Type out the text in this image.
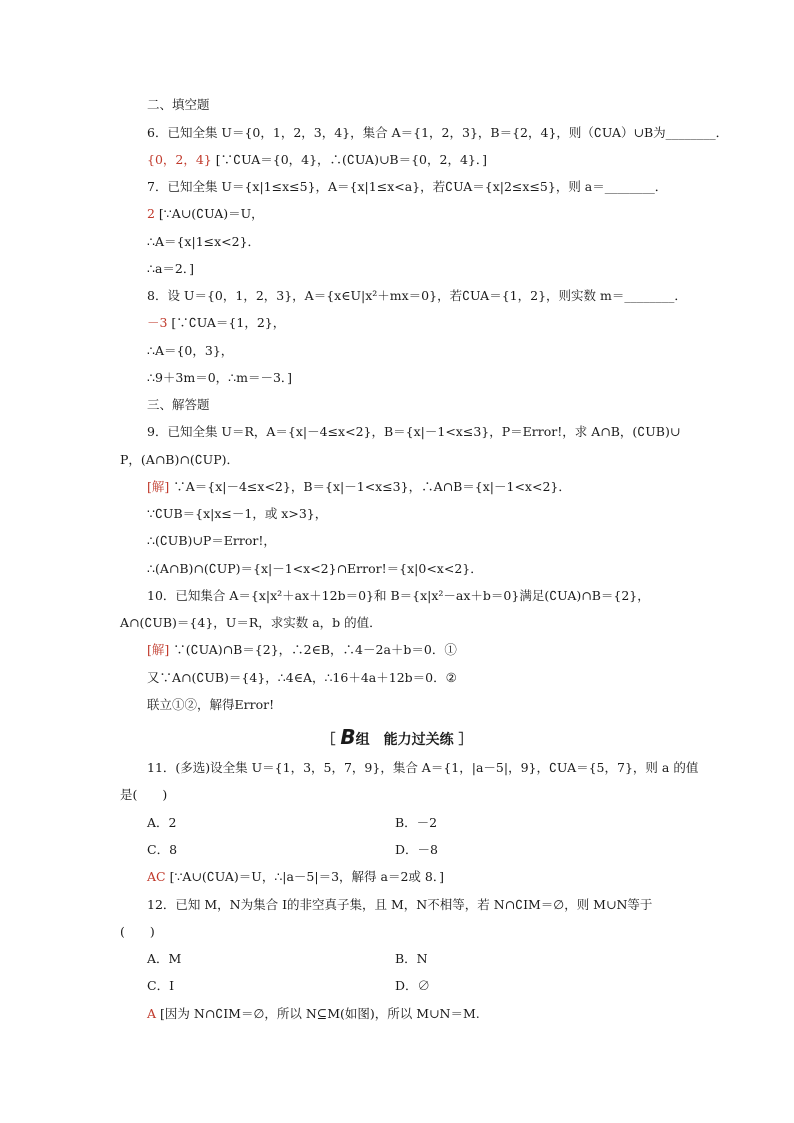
二、填空题
6．已知全集 U＝{0，1，2，3，4}，集合 A＝{1，2，3}，B＝{2，4}，则（∁UA）∪B为________．
{0，2，4} [∵∁UA＝{0，4}，∴(∁UA)∪B＝{0，2，4}．]
7．已知全集 U＝{x|1≤x≤5}，A＝{x|1≤x<a}，若∁UA＝{x|2≤x≤5}，则 a＝________．
2 [∵A∪(∁UA)＝U，
∴A＝{x|1≤x<2}．
∴a＝2．]
8．设 U＝{0，1，2，3}，A＝{x∈U|x²＋mx＝0}，若∁UA＝{1，2}，则实数 m＝________．
－3 [∵∁UA＝{1，2}，
∴A＝{0，3}，
∴9＋3m＝0，∴m＝－3．]
三、解答题
9．已知全集 U＝R，A＝{x|－4≤x<2}，B＝{x|－1<x≤3}，P＝Error!，求 A∩B，(∁UB)∪
P，(A∩B)∩(∁UP)．
[解] ∵A＝{x|－4≤x<2}，B＝{x|－1<x≤3}，∴A∩B＝{x|－1<x<2}．
∵∁UB＝{x|x≤－1，或 x>3}，
∴(∁UB)∪P＝Error!，
∴(A∩B)∩(∁UP)＝{x|－1<x<2}∩Error!＝{x|0<x<2}．
10．已知集合 A＝{x|x²＋ax＋12b＝0}和 B＝{x|x²－ax＋b＝0}满足(∁UA)∩B＝{2}，
A∩(∁UB)＝{4}，U＝R，求实数 a，b 的值．
[解] ∵(∁UA)∩B＝{2}，∴2∈B，∴4－2a＋b＝0．①
又∵A∩(∁UB)＝{4}，∴4∈A，∴16＋4a＋12b＝0．②
联立①②，解得Error!
［ B组　能力过关练 ］
11．(多选)设全集 U＝{1，3，5，7，9}，集合 A＝{1，|a－5|，9}，∁UA＝{5，7}，则 a 的值
是(　　)
A．2	B．－2
C．8	D．－8
AC [∵A∪(∁UA)＝U，∴|a－5|＝3，解得 a＝2或 8．]
12．已知 M，N为集合 I的非空真子集，且 M，N不相等，若 N∩∁IM＝∅，则 M∪N等于
(　　)
A．M	B．N
C．I	D．∅
A [因为 N∩∁IM＝∅，所以 N⊆M(如图)，所以 M∪N＝M.
